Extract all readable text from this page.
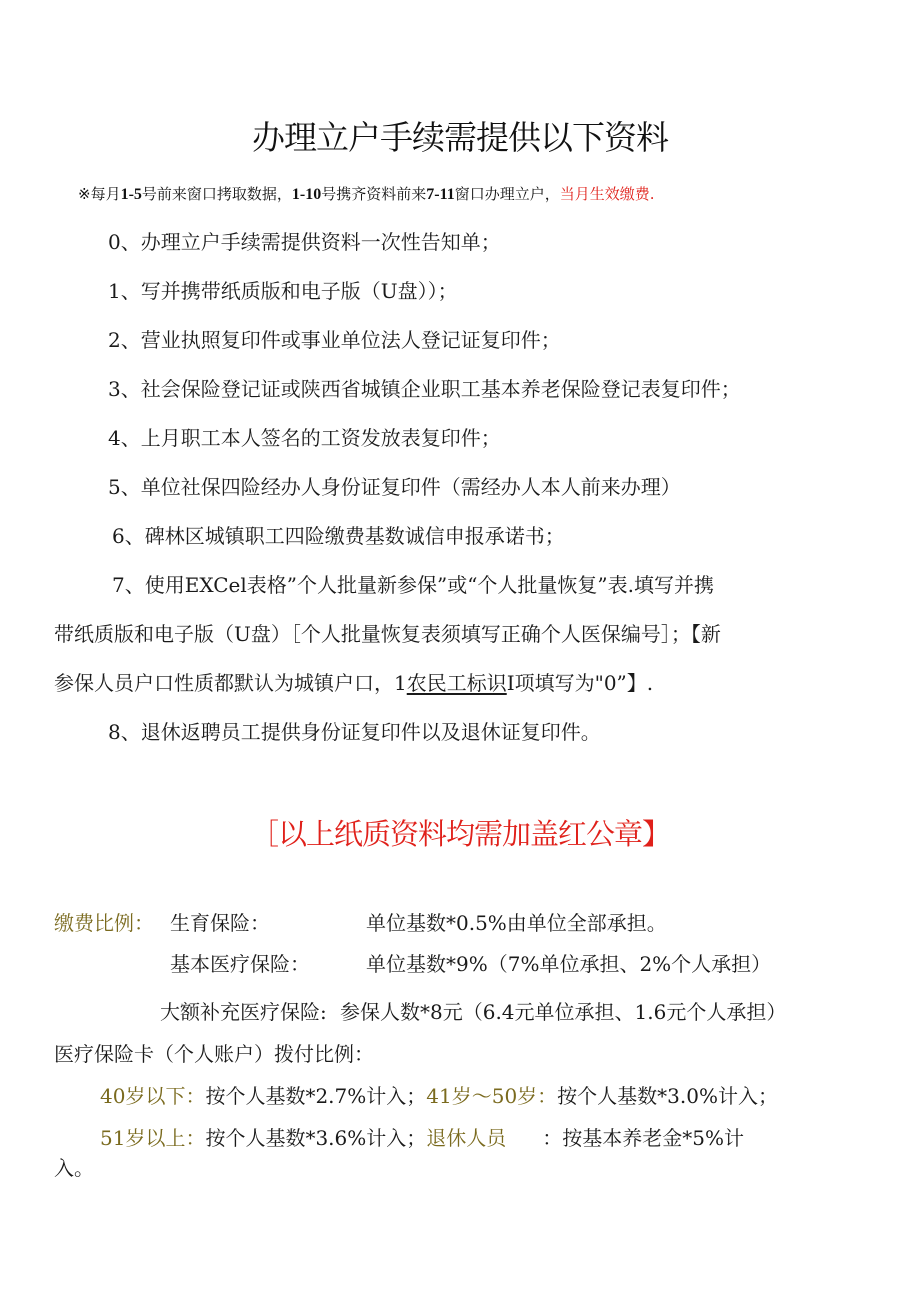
办理立户手续需提供以下资料
※每月1-5号前来窗口拷取数据，1-10号携齐资料前来7-11窗口办理立户，当月生效缴费.
0、办理立户手续需提供资料一次性告知单；
1、写并携带纸质版和电子版（U盘））；
2、营业执照复印件或事业单位法人登记证复印件；
3、社会保险登记证或陕西省城镇企业职工基本养老保险登记表复印件；
4、上月职工本人签名的工资发放表复印件；
5、单位社保四险经办人身份证复印件（需经办人本人前来办理）
6、碑林区城镇职工四险缴费基数诚信申报承诺书；
7、使用EXCel表格”个人批量新参保”或“个人批量恢复”表.填写并携
带纸质版和电子版（U盘）［个人批量恢复表须填写正确个人医保编号］；【新
参保人员户口性质都默认为城镇户口，1农民工标识I项填写为"0”】.
8、退休返聘员工提供身份证复印件以及退休证复印件。
［以上纸质资料均需加盖红公章】
缴费比例： 生育保险：	单位基数*0.5%由单位全部承担。
基本医疗保险：	单位基数*9%（7%单位承担、2%个人承担）
大额补充医疗保险: 参保人数*8元（6.4元单位承担、1.6元个人承担）
医疗保险卡（个人账户）拨付比例：
40岁以下：按个人基数*2.7%计入；41岁〜50岁：按个人基数*3.0%计入；
51岁以上：按个人基数*3.6%计入；退休人员 ：按基本养老金*5%计
入。
